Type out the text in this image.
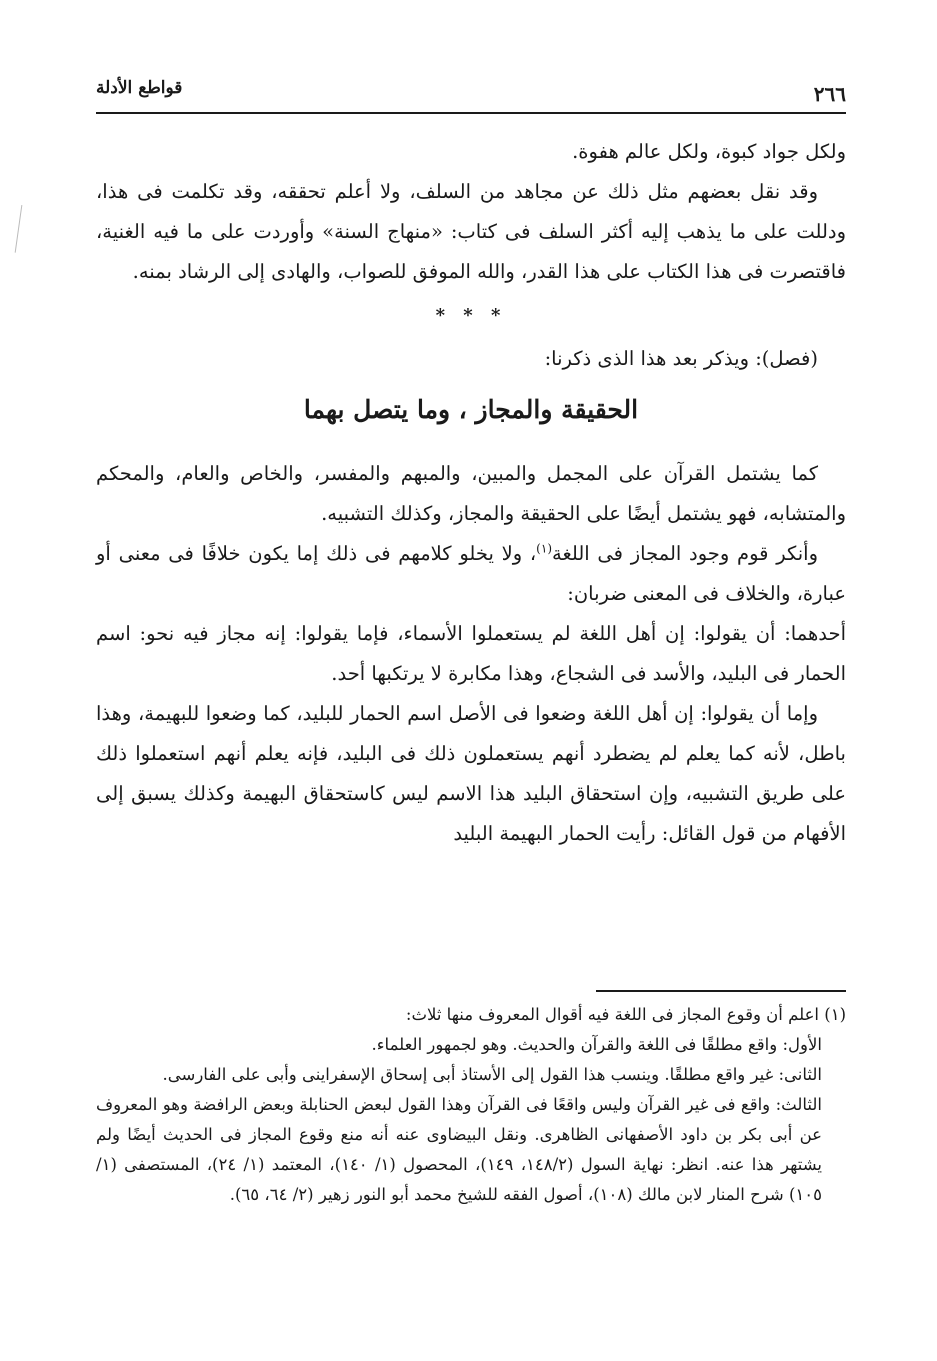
٢٦٦
قواطع الأدلة

ولكل جواد كبوة، ولكل عالم هفوة.

وقد نقل بعضهم مثل ذلك عن مجاهد من السلف، ولا أعلم تحققه، وقد تكلمت فى هذا، ودللت على ما يذهب إليه أكثر السلف فى كتاب: «منهاج السنة» وأوردت على ما فيه الغنية، فاقتصرت فى هذا الكتاب على هذا القدر، والله الموفق للصواب، والهادى إلى الرشاد بمنه.

* * *

(فصل): ويذكر بعد هذا الذى ذكرنا:

الحقيقة والمجاز ، وما يتصل بهما

كما يشتمل القرآن على المجمل والمبين، والمبهم والمفسر، والخاص والعام، والمحكم والمتشابه، فهو يشتمل أيضًا على الحقيقة والمجاز، وكذلك التشبيه.

وأنكر قوم وجود المجاز فى اللغة$^{(١)}$، ولا يخلو كلامهم فى ذلك إما يكون خلافًا فى معنى أو عبارة، والخلاف فى المعنى ضربان:

أحدهما: أن يقولوا: إن أهل اللغة لم يستعملوا الأسماء، فإما يقولوا: إنه مجاز فيه نحو: اسم الحمار فى البليد، والأسد فى الشجاع، وهذا مكابرة لا يرتكبها أحد.

وإما أن يقولوا: إن أهل اللغة وضعوا فى الأصل اسم الحمار للبليد، كما وضعوا للبهيمة، وهذا باطل، لأنه كما يعلم لم يضطرد أنهم يستعملون ذلك فى البليد، فإنه يعلم أنهم استعملوا ذلك على طريق التشبيه، وإن استحقاق البليد هذا الاسم ليس كاستحقاق البهيمة وكذلك يسبق إلى الأفهام من قول القائل: رأيت الحمار البهيمة البليد

(١) اعلم أن وقوع المجاز فى اللغة فيه أقوال المعروف منها ثلاث:

الأول: واقع مطلقًا فى اللغة والقرآن والحديث. وهو لجمهور العلماء.

الثانى: غير واقع مطلقًا. وينسب هذا القول إلى الأستاذ أبى إسحاق الإسفراينى وأبى على الفارسى.

الثالث: واقع فى غير القرآن وليس واقعًا فى القرآن وهذا القول لبعض الحنابلة وبعض الرافضة وهو المعروف عن أبى بكر بن داود الأصفهانى الظاهرى. ونقل البيضاوى عنه أنه منع وقوع المجاز فى الحديث أيضًا ولم يشتهر هذا عنه. انظر: نهاية السول (١٤٨/٢، ١٤٩)، المحصول (١/ ١٤٠)، المعتمد (١/ ٢٤)، المستصفى (١/ ١٠٥) شرح المنار لابن مالك (١٠٨)، أصول الفقه للشيخ محمد أبو النور زهير (٢/ ٦٤، ٦٥).
